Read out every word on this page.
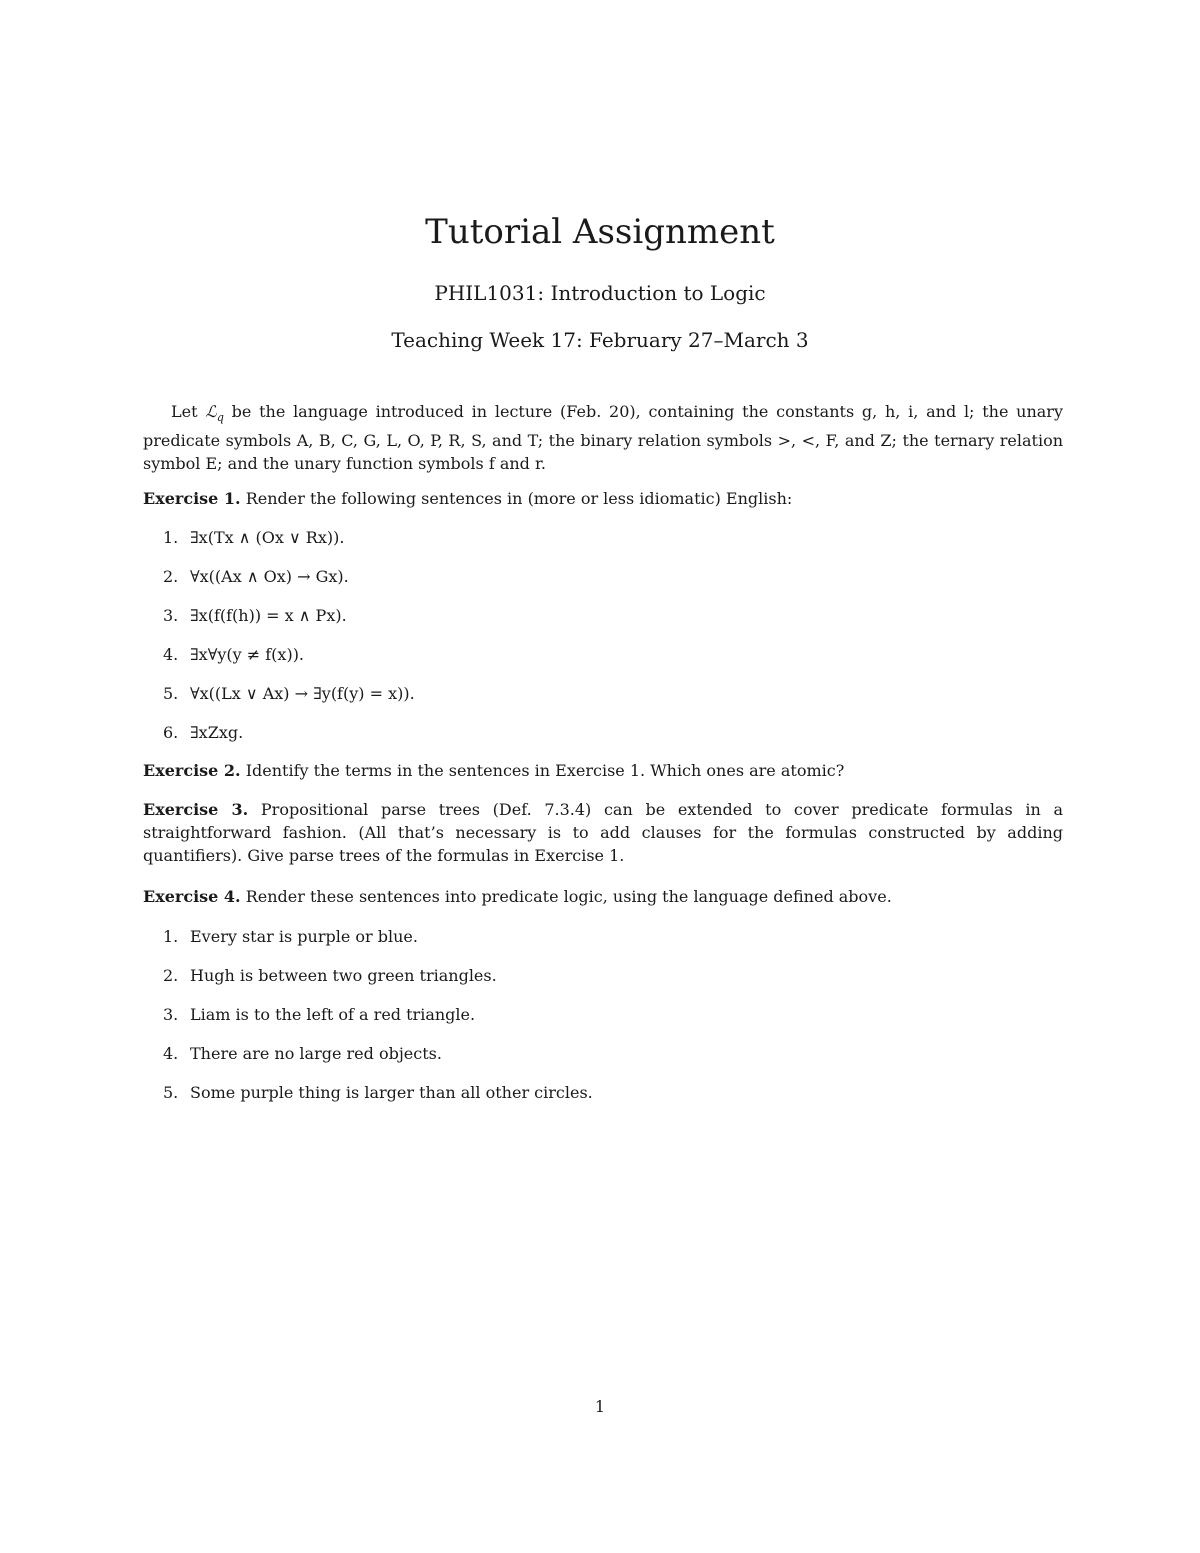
Tutorial Assignment
PHIL1031: Introduction to Logic
Teaching Week 17: February 27–March 3
Let ℒ$_q$ be the language introduced in lecture (Feb. 20), containing the constants g, h, i, and l; the unary predicate symbols A, B, C, G, L, O, P, R, S, and T; the binary relation symbols >, <, F, and Z; the ternary relation symbol E; and the unary function symbols f and r.
Exercise 1. Render the following sentences in (more or less idiomatic) English:
1. ∃x(Tx ∧ (Ox ∨ Rx)).
2. ∀x((Ax ∧ Ox) → Gx).
3. ∃x(f(f(h)) = x ∧ Px).
4. ∃x∀y(y ≠ f(x)).
5. ∀x((Lx ∨ Ax) → ∃y(f(y) = x)).
6. ∃xZxg.
Exercise 2. Identify the terms in the sentences in Exercise 1. Which ones are atomic?
Exercise 3. Propositional parse trees (Def. 7.3.4) can be extended to cover predicate formulas in a straightforward fashion. (All that’s necessary is to add clauses for the formulas constructed by adding quantifiers). Give parse trees of the formulas in Exercise 1.
Exercise 4. Render these sentences into predicate logic, using the language defined above.
1. Every star is purple or blue.
2. Hugh is between two green triangles.
3. Liam is to the left of a red triangle.
4. There are no large red objects.
5. Some purple thing is larger than all other circles.
1
